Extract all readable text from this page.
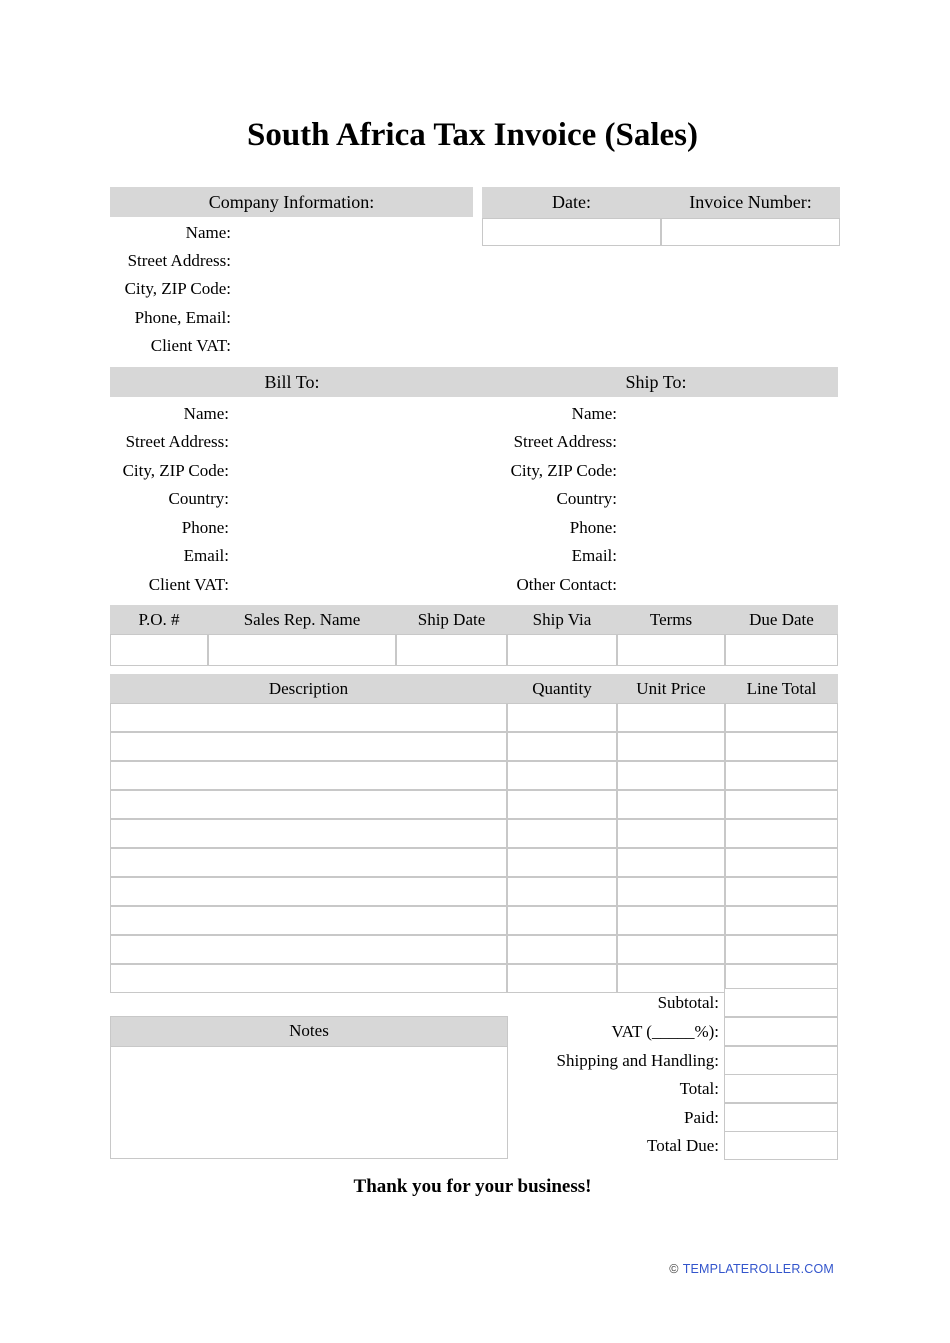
South Africa Tax Invoice (Sales)
Company Information:
Name:
Street Address:
City, ZIP Code:
Phone, Email:
Client VAT:
Date:	Invoice Number:
Bill To:	Ship To:
Name:
Street Address:
City, ZIP Code:
Country:
Phone:
Email:
Client VAT:
Name:
Street Address:
City, ZIP Code:
Country:
Phone:
Email:
Other Contact:
P.O. #	Sales Rep. Name	Ship Date	Ship Via	Terms	Due Date
Description	Quantity	Unit Price	Line Total
Notes
Subtotal:
VAT (_____%):
Shipping and Handling:
Total:
Paid:
Total Due:
Thank you for your business!
© TEMPLATEROLLER.COM
